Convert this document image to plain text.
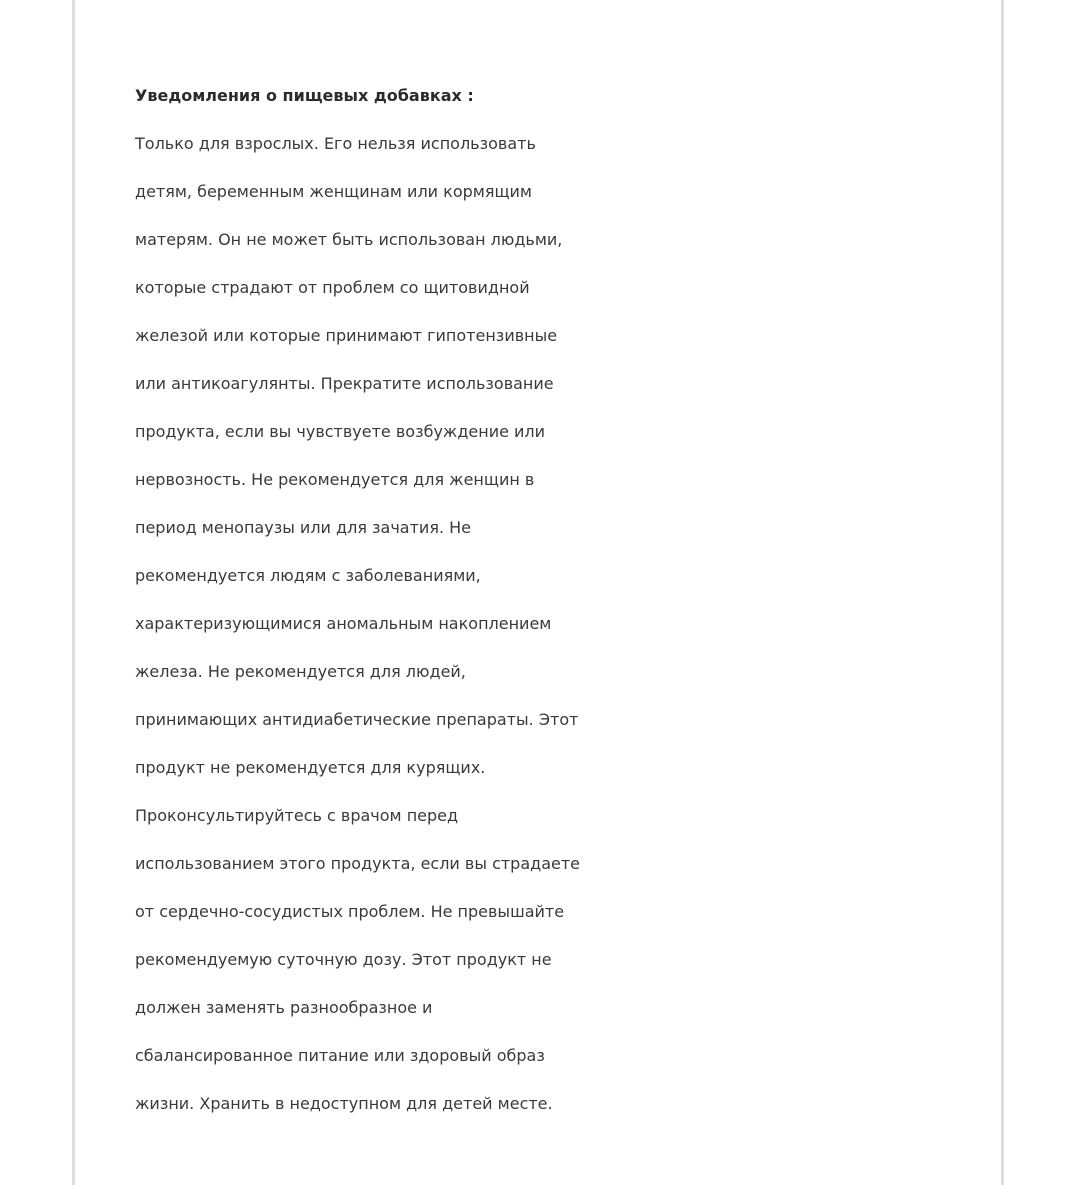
Уведомления о пищевых добавках :
Только для взрослых. Его нельзя использовать
детям, беременным женщинам или кормящим
матерям. Он не может быть использован людьми,
которые страдают от проблем со щитовидной
железой или которые принимают гипотензивные
или антикоагулянты. Прекратите использование
продукта, если вы чувствуете возбуждение или
нервозность. Не рекомендуется для женщин в
период менопаузы или для зачатия. Не
рекомендуется людям с заболеваниями,
характеризующимися аномальным накоплением
железа. Не рекомендуется для людей,
принимающих антидиабетические препараты. Этот
продукт не рекомендуется для курящих.
Проконсультируйтесь с врачом перед
использованием этого продукта, если вы страдаете
от сердечно-сосудистых проблем. Не превышайте
рекомендуемую суточную дозу. Этот продукт не
должен заменять разнообразное и
сбалансированное питание или здоровый образ
жизни. Хранить в недоступном для детей месте.
